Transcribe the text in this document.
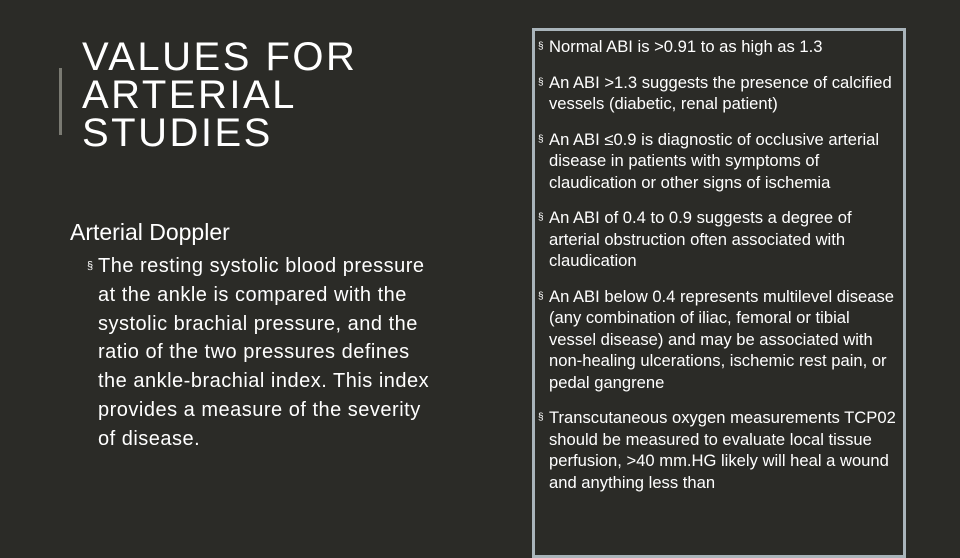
VALUES FOR
ARTERIAL
STUDIES
Arterial Doppler
§ The resting systolic blood pressure at the ankle is compared with the systolic brachial pressure, and the ratio of the two pressures defines the ankle-brachial index. This index provides a measure of the severity of disease.
§ Normal ABI is >0.91 to as high as 1.3
§ An ABI >1.3 suggests the presence of calcified vessels (diabetic, renal patient)
§ An ABI ≤0.9 is diagnostic of occlusive arterial disease in patients with symptoms of claudication or other signs of ischemia
§ An ABI of 0.4 to 0.9 suggests a degree of arterial obstruction often associated with claudication
§ An ABI below 0.4 represents multilevel disease (any combination of iliac, femoral or tibial vessel disease) and may be associated with non-healing ulcerations, ischemic rest pain, or pedal gangrene
§ Transcutaneous oxygen measurements TCP02 should be measured to evaluate local tissue perfusion, >40 mm.HG likely will heal a wound and anything less than
